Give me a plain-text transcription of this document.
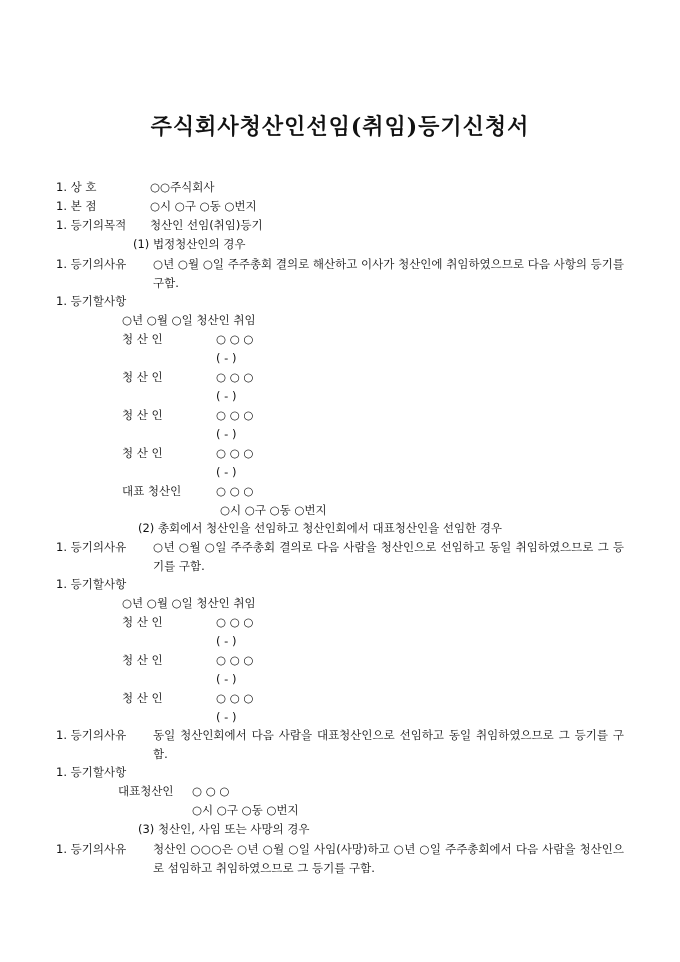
주식회사청산인선임(취임)등기신청서
1. 상 호	○○주식회사
1. 본 점	○시 ○구 ○동 ○번지
1. 등기의목적 청산인 선임(취임)등기
(1) 법정청산인의 경우
1. 등기의사유 ○년 ○월 ○일 주주총회 결의로 해산하고 이사가 청산인에 취임하였으므로 다음 사항의 등기를 구함.
1. 등기할사항
○년 ○월 ○일 청산인 취임
청 산 인	○ ○ ○
( - )
청 산 인	○ ○ ○
( - )
청 산 인	○ ○ ○
( - )
청 산 인	○ ○ ○
( - )
대표 청산인	○ ○ ○
○시 ○구 ○동 ○번지
(2) 총회에서 청산인을 선임하고 청산인회에서 대표청산인을 선임한 경우
1. 등기의사유 ○년 ○월 ○일 주주총회 결의로 다음 사람을 청산인으로 선임하고 동일 취임하였으므로 그 등기를 구함.
1. 등기할사항
○년 ○월 ○일 청산인 취임
청 산 인	○ ○ ○
( - )
청 산 인	○ ○ ○
( - )
청 산 인	○ ○ ○
( - )
1. 등기의사유 동일 청산인회에서 다음 사람을 대표청산인으로 선임하고 동일 취임하였으므로 그 등기를 구함.
1. 등기할사항
대표청산인 ○ ○ ○
○시 ○구 ○동 ○번지
(3) 청산인, 사임 또는 사망의 경우
1. 등기의사유 청산인 ○○○은 ○년 ○월 ○일 사임(사망)하고 ○년 ○일 주주총회에서 다음 사람을 청산인으로 섬임하고 취임하였으므로 그 등기를 구함.
